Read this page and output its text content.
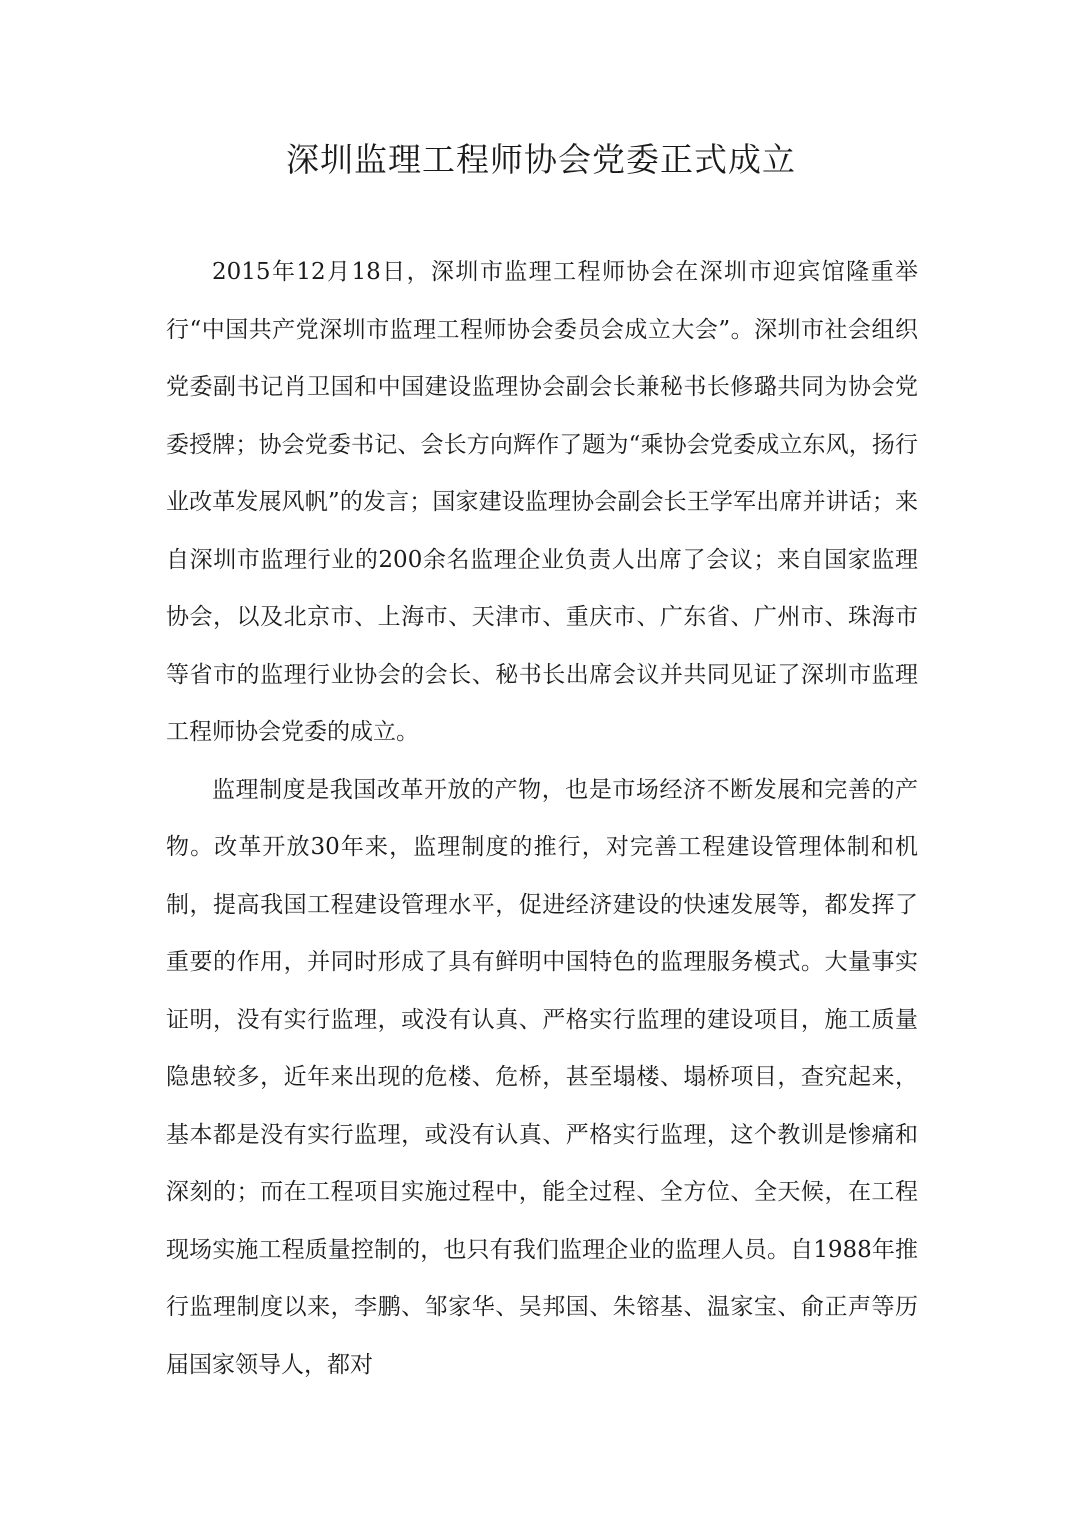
深圳监理工程师协会党委正式成立

2015年12月18日，深圳市监理工程师协会在深圳市迎宾馆隆重举行“中国共产党深圳市监理工程师协会委员会成立大会”。深圳市社会组织党委副书记肖卫国和中国建设监理协会副会长兼秘书长修璐共同为协会党委授牌；协会党委书记、会长方向辉作了题为“乘协会党委成立东风，扬行业改革发展风帆”的发言；国家建设监理协会副会长王学军出席并讲话；来自深圳市监理行业的200余名监理企业负责人出席了会议；来自国家监理协会，以及北京市、上海市、天津市、重庆市、广东省、广州市、珠海市等省市的监理行业协会的会长、秘书长出席会议并共同见证了深圳市监理工程师协会党委的成立。

监理制度是我国改革开放的产物，也是市场经济不断发展和完善的产物。改革开放30年来，监理制度的推行，对完善工程建设管理体制和机制，提高我国工程建设管理水平，促进经济建设的快速发展等，都发挥了重要的作用，并同时形成了具有鲜明中国特色的监理服务模式。大量事实证明，没有实行监理，或没有认真、严格实行监理的建设项目，施工质量隐患较多，近年来出现的危楼、危桥，甚至塌楼、塌桥项目，查究起来，基本都是没有实行监理，或没有认真、严格实行监理，这个教训是惨痛和深刻的；而在工程项目实施过程中，能全过程、全方位、全天候，在工程现场实施工程质量控制的，也只有我们监理企业的监理人员。自1988年推行监理制度以来，李鹏、邹家华、吴邦国、朱镕基、温家宝、俞正声等历届国家领导人，都对
